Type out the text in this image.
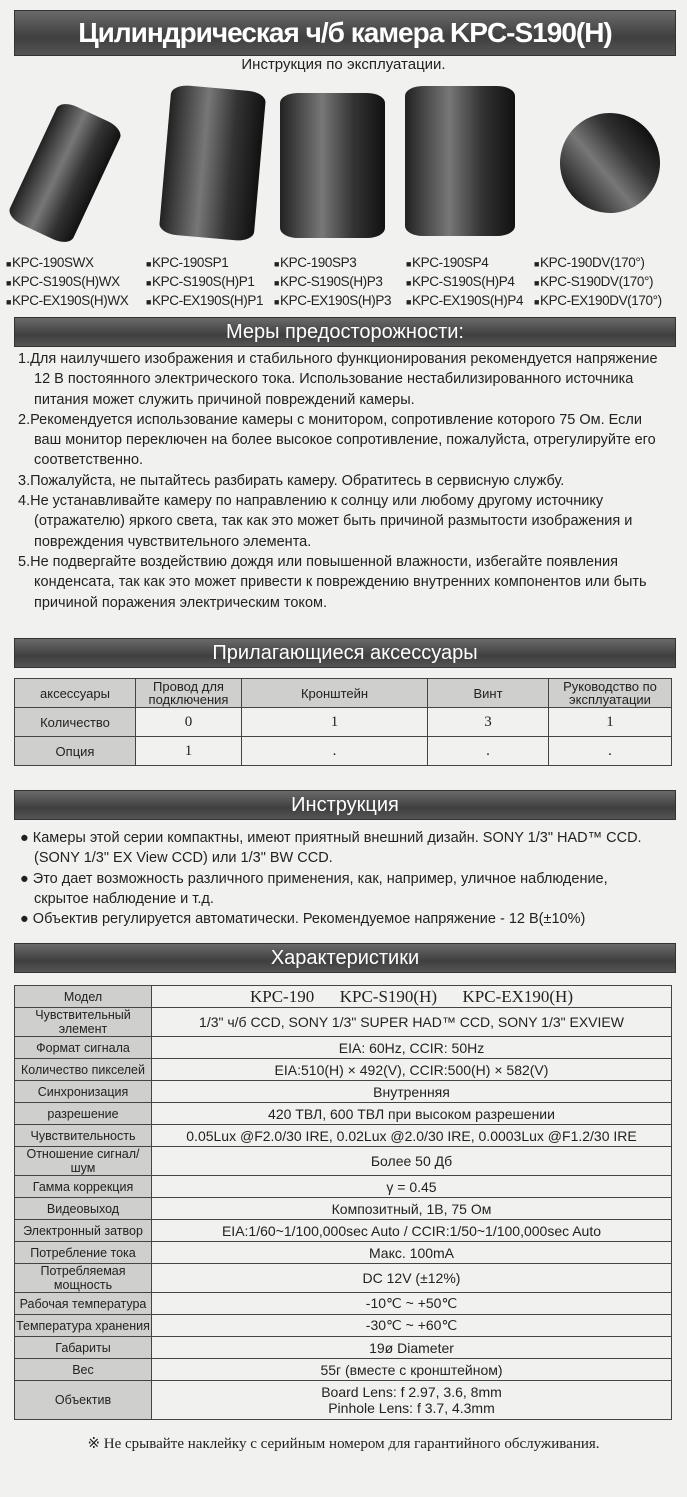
Цилиндрическая ч/б камера KPC-S190(H)
Инструкция по эксплуатации.
■ KPC-190SWX
■ KPC-S190S(H)WX
■ KPC-EX190S(H)WX
■ KPC-190SP1
■ KPC-S190S(H)P1
■ KPC-EX190S(H)P1
■ KPC-190SP3
■ KPC-S190S(H)P3
■ KPC-EX190S(H)P3
■ KPC-190SP4
■ KPC-S190S(H)P4
■ KPC-EX190S(H)P4
■ KPC-190DV(170°)
■ KPC-S190DV(170°)
■ KPC-EX190DV(170°)
Меры предосторожности:

1.Для наилучшего изображения и стабильного функционирования рекомендуется напряжение 12 В постоянного электрического тока. Использование нестабилизированного источника питания может служить причиной повреждений камеры.

2.Рекомендуется использование камеры с монитором, сопротивление которого 75 Ом. Если ваш монитор переключен на более высокое сопротивление, пожалуйста, отрегулируйте его соответственно.

3.Пожалуйста, не пытайтесь разбирать камеру. Обратитесь в сервисную службу.

4.Не устанавливайте камеру по направлению к солнцу или любому другому источнику (отражателю) яркого света, так как это может быть причиной размытости изображения и повреждения чувствительного элемента.

5.Не подвергайте воздействию дождя или повышенной влажности, избегайте появления конденсата, так как это может привести к повреждению внутренних компонентов или быть причиной поражения электрическим током.

Прилагающиеся аксессуары
аксессуары	Провод для подключения	Кронштейн	Винт	Руководство по эксплуатации
Количество	0	1	3	1
Опция	1	.	.	.
Инструкция

● Камеры этой серии компактны, имеют приятный внешний дизайн. SONY 1/3" HAD™ CCD. (SONY 1/3" EX View CCD) или 1/3" BW CCD.

● Это дает возможность различного применения, как, например, уличное наблюдение, скрытое наблюдение и т.д.

● Объектив регулируется автоматически. Рекомендуемое напряжение - 12 В(±10%)

Характеристики
Модел	KPC-190      KPC-S190(H)      KPC-EX190(H)
Чувствительный элемент	1/3" ч/б CCD, SONY 1/3" SUPER HAD™ CCD, SONY 1/3" EXVIEW
Формат сигнала	EIA: 60Hz, CCIR: 50Hz
Количество пикселей	EIA:510(H) × 492(V), CCIR:500(H) × 582(V)
Синхронизация	Внутренняя
разрешение	420 ТВЛ, 600 ТВЛ при высоком разрешении
Чувствительность	0.05Lux @F2.0/30 IRE, 0.02Lux @2.0/30 IRE, 0.0003Lux @F1.2/30 IRE
Отношение сигнал/шум	Более 50 Дб
Гамма коррекция	γ = 0.45
Видеовыход	Композитный, 1В, 75 Ом
Электронный затвор	EIA:1/60~1/100,000sec Auto / CCIR:1/50~1/100,000sec Auto
Потребление тока	Макс. 100mA
Потребляемая мощность	DC 12V (±12%)
Рабочая температура	-10℃ ~ +50℃
Температура хранения	-30℃ ~ +60℃
Габариты	19ø Diameter
Вес	55г (вместе с кронштейном)
Объектив	Board Lens: f 2.97, 3.6, 8mm
Pinhole Lens: f 3.7, 4.3mm
※ Не срывайте наклейку с серийным номером для гарантийного обслуживания.
